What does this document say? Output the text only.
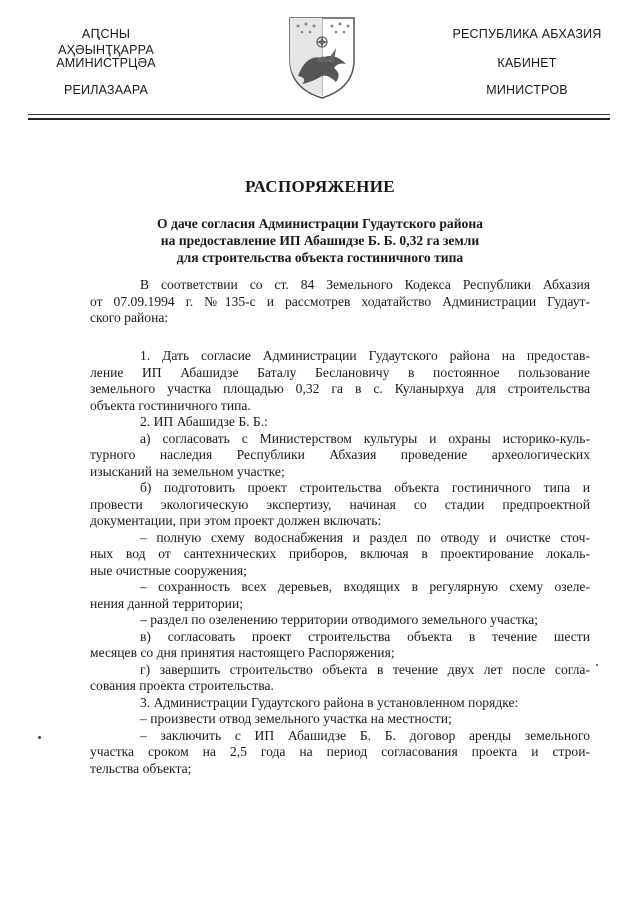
АԤСНЫ АҲӘЫНҬҚАРРА
АМИНИСТРЦӘА
РЕИЛАЗААРА
РЕСПУБЛИКА АБХАЗИЯ
КАБИНЕТ
МИНИСТРОВ
РАСПОРЯЖЕНИЕ
О даче согласия Администрации Гудаутского района
на предоставление ИП Абашидзе Б. Б. 0,32 га земли
для строительства объекта гостиничного типа
В соответствии со ст. 84 Земельного Кодекса Республики Абхазия
от 07.09.1994 г. №135-с и рассмотрев ходатайство Администрации Гудаут-
ского района:
1. Дать согласие Администрации Гудаутского района на предостав-
ление ИП Абашидзе Баталу Беслановичу в постоянное пользование
земельного участка площадью 0,32 га в с. Куланырхуа для строительства
объекта гостиничного типа.
2. ИП Абашидзе Б. Б.:
а) согласовать с Министерством культуры и охраны историко-куль-
турного наследия Республики Абхазия проведение археологических
изысканий на земельном участке;
б) подготовить проект строительства объекта гостиничного типа и
провести экологическую экспертизу, начиная со стадии предпроектной
документации, при этом проект должен включать:
– полную схему водоснабжения и раздел по отводу и очистке сточ-
ных вод от сантехнических приборов, включая в проектирование локаль-
ные очистные сооружения;
– сохранность всех деревьев, входящих в регулярную схему озеле-
нения данной территории;
– раздел по озеленению территории отводимого земельного участка;
в) согласовать проект строительства объекта в течение шести
месяцев со дня принятия настоящего Распоряжения;
г) завершить строительство объекта в течение двух лет после согла-
сования проекта строительства.
3. Администрации Гудаутского района в установленном порядке:
– произвести отвод земельного участка на местности;
– заключить с ИП Абашидзе Б. Б. договор аренды земельного
участка сроком на 2,5 года на период согласования проекта и строи-
тельства объекта;
